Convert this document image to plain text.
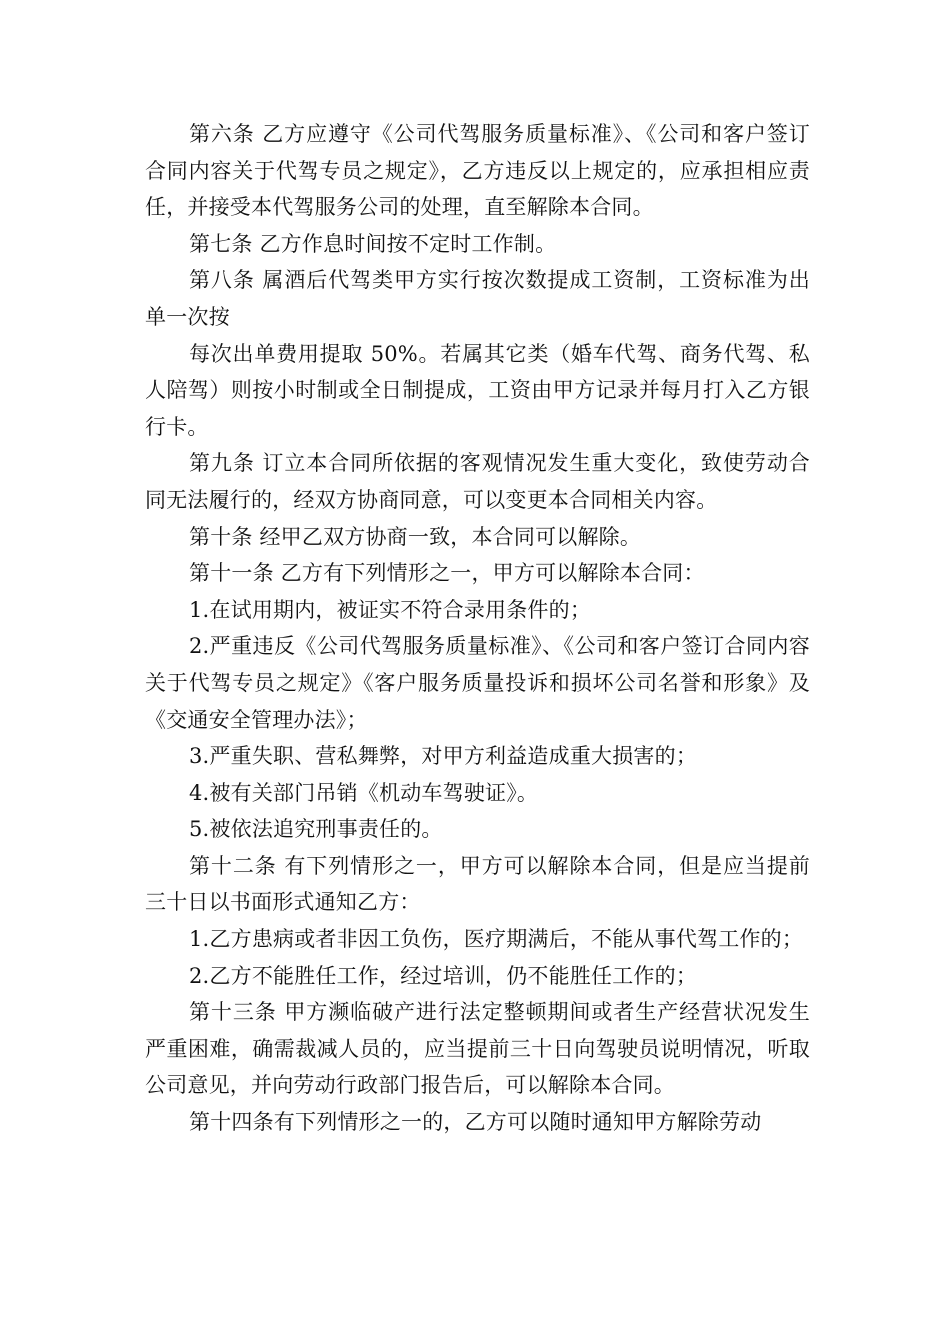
第六条 乙方应遵守《公司代驾服务质量标准》、《公司和客户签订合同内容关于代驾专员之规定》，乙方违反以上规定的，应承担相应责任，并接受本代驾服务公司的处理，直至解除本合同。

第七条 乙方作息时间按不定时工作制。

第八条 属酒后代驾类甲方实行按次数提成工资制，工资标准为出单一次按

每次出单费用提取 50%。若属其它类（婚车代驾、商务代驾、私人陪驾）则按小时制或全日制提成，工资由甲方记录并每月打入乙方银行卡。

第九条 订立本合同所依据的客观情况发生重大变化，致使劳动合同无法履行的，经双方协商同意，可以变更本合同相关内容。

第十条 经甲乙双方协商一致，本合同可以解除。

第十一条 乙方有下列情形之一，甲方可以解除本合同：

1.在试用期内，被证实不符合录用条件的；

2.严重违反《公司代驾服务质量标准》、《公司和客户签订合同内容关于代驾专员之规定》《客户服务质量投诉和损坏公司名誉和形象》及《交通安全管理办法》；

3.严重失职、营私舞弊，对甲方利益造成重大损害的；

4.被有关部门吊销《机动车驾驶证》。

5.被依法追究刑事责任的。

第十二条 有下列情形之一，甲方可以解除本合同，但是应当提前三十日以书面形式通知乙方：

1.乙方患病或者非因工负伤，医疗期满后，不能从事代驾工作的；

2.乙方不能胜任工作，经过培训，仍不能胜任工作的；

第十三条 甲方濒临破产进行法定整顿期间或者生产经营状况发生严重困难，确需裁减人员的，应当提前三十日向驾驶员说明情况，听取公司意见，并向劳动行政部门报告后，可以解除本合同。

第十四条有下列情形之一的，乙方可以随时通知甲方解除劳动
